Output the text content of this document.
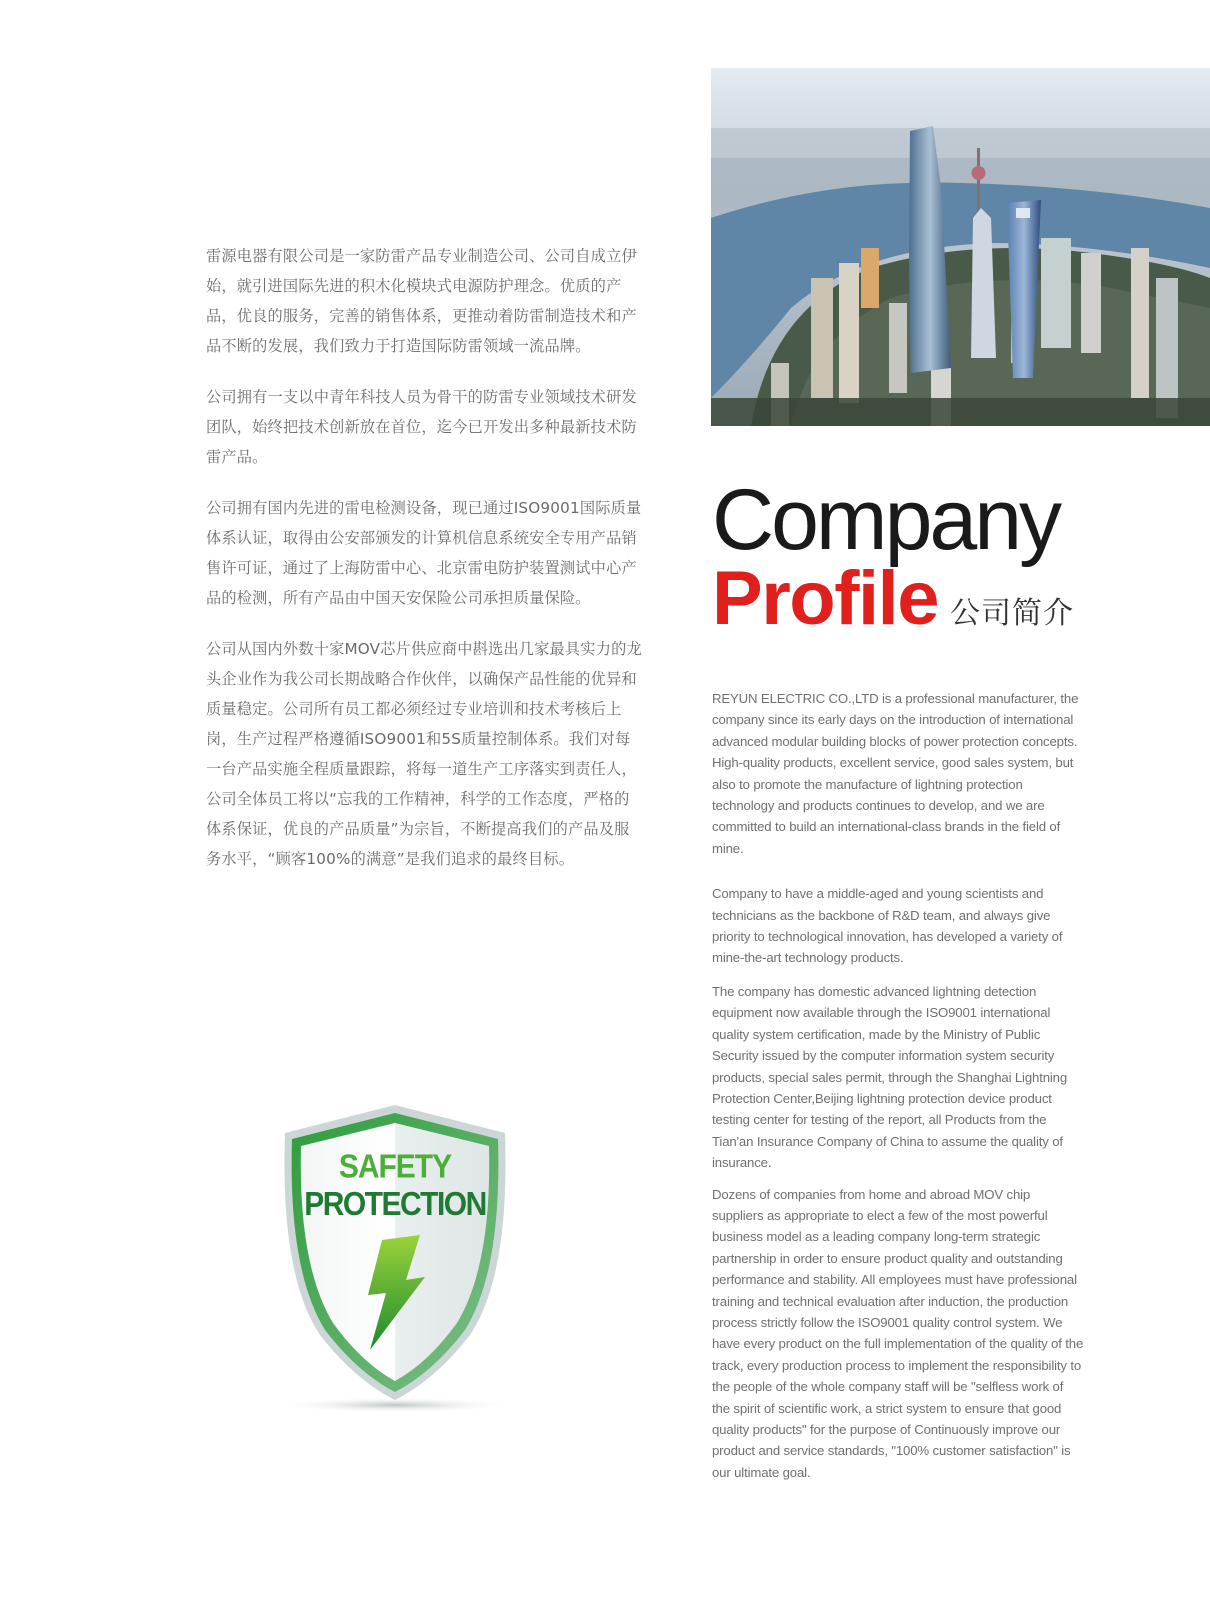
雷源电器有限公司是一家防雷产品专业制造公司、公司自成立伊始，就引进国际先进的积木化模块式电源防护理念。优质的产品，优良的服务，完善的销售体系，更推动着防雷制造技术和产品不断的发展，我们致力于打造国际防雷领域一流品牌。

公司拥有一支以中青年科技人员为骨干的防雷专业领域技术研发团队，始终把技术创新放在首位，迄今已开发出多种最新技术防雷产品。

公司拥有国内先进的雷电检测设备，现已通过ISO9001国际质量体系认证，取得由公安部颁发的计算机信息系统安全专用产品销售许可证，通过了上海防雷中心、北京雷电防护装置测试中心产品的检测，所有产品由中国天安保险公司承担质量保险。

公司从国内外数十家MOV芯片供应商中斟选出几家最具实力的龙头企业作为我公司长期战略合作伙伴，以确保产品性能的优异和质量稳定。公司所有员工都必须经过专业培训和技术考核后上岗，生产过程严格遵循ISO9001和5S质量控制体系。我们对每一台产品实施全程质量跟踪，将每一道生产工序落实到责任人，公司全体员工将以“忘我的工作精神，科学的工作态度，严格的体系保证，优良的产品质量”为宗旨，不断提高我们的产品及服务水平，“顾客100%的满意”是我们追求的最终目标。

Company
Profile 公司简介

REYUN ELECTRIC CO.,LTD is a professional manufacturer, the company since its early days on the introduction of international advanced modular building blocks of power protection concepts. High-quality products, excellent service, good sales system, but also to promote the manufacture of lightning protection technology and products continues to develop, and we are committed to build an international-class brands in the field of mine.

Company to have a middle-aged and young scientists and technicians as the backbone of R&D team, and always give priority to technological innovation, has developed a variety of mine-the-art technology products.

The company has domestic advanced lightning detection equipment now available through the ISO9001 international quality system certification, made by the Ministry of Public Security issued by the computer information system security products, special sales permit, through the Shanghai Lightning Protection Center,Beijing lightning protection device product testing center for testing of the report, all Products from the Tian'an Insurance Company of China to assume the quality of insurance.

Dozens of companies from home and abroad MOV chip suppliers as appropriate to elect a few of the most powerful business model as a leading company long-term strategic partnership in order to ensure product quality and outstanding performance and stability. All employees must have professional training and technical evaluation after induction, the production process strictly follow the ISO9001 quality control system. We have every product on the full implementation of the quality of the track, every production process to implement the responsibility to the people of the whole company staff will be "selfless work of the spirit of scientific work, a strict system to ensure that good quality products" for the purpose of Continuously improve our product and service standards, "100% customer satisfaction" is our ultimate goal.

SAFETY
PROTECTION
